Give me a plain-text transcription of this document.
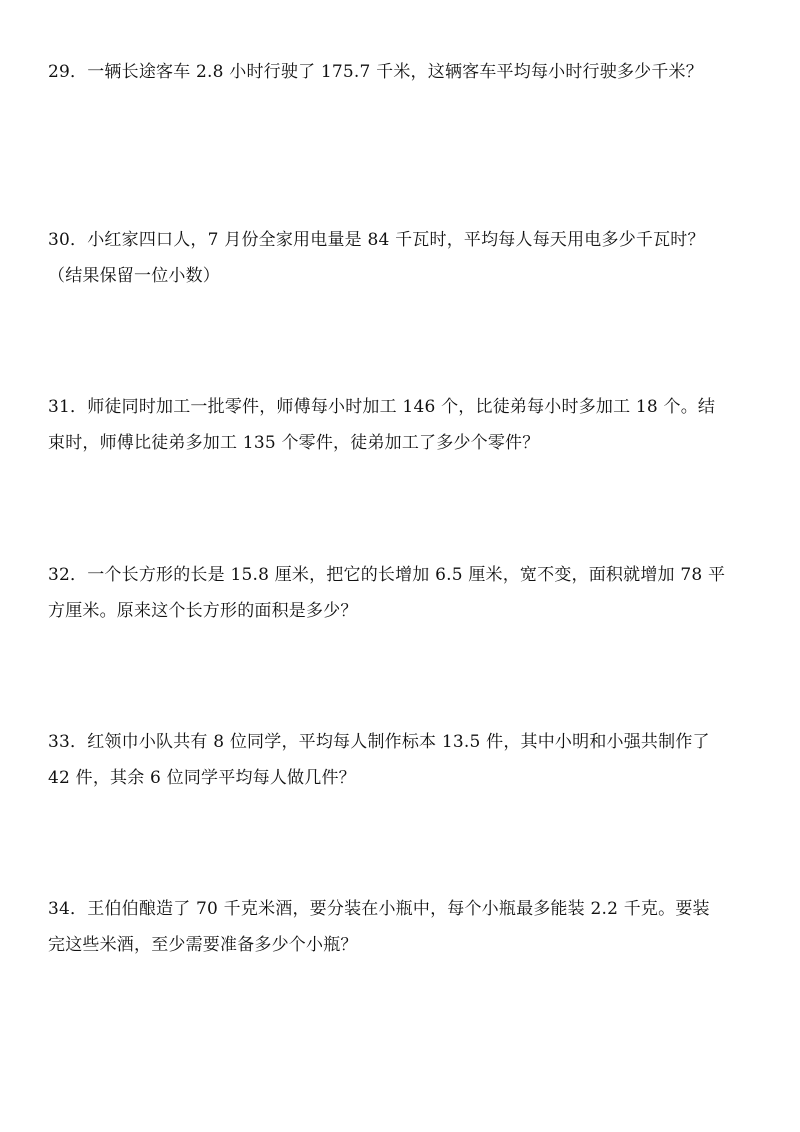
29．一辆长途客车 2.8 小时行驶了 175.7 千米，这辆客车平均每小时行驶多少千米？

30．小红家四口人，7 月份全家用电量是 84 千瓦时，平均每人每天用电多少千瓦时？

（结果保留一位小数）

31．师徒同时加工一批零件，师傅每小时加工 146 个，比徒弟每小时多加工 18 个。结

束时，师傅比徒弟多加工 135 个零件，徒弟加工了多少个零件？

32．一个长方形的长是 15.8 厘米，把它的长增加 6.5 厘米，宽不变，面积就增加 78 平

方厘米。原来这个长方形的面积是多少？

33．红领巾小队共有 8 位同学，平均每人制作标本 13.5 件，其中小明和小强共制作了

42 件，其余 6 位同学平均每人做几件？

34．王伯伯酿造了 70 千克米酒，要分装在小瓶中，每个小瓶最多能装 2.2 千克。要装

完这些米酒，至少需要准备多少个小瓶？
